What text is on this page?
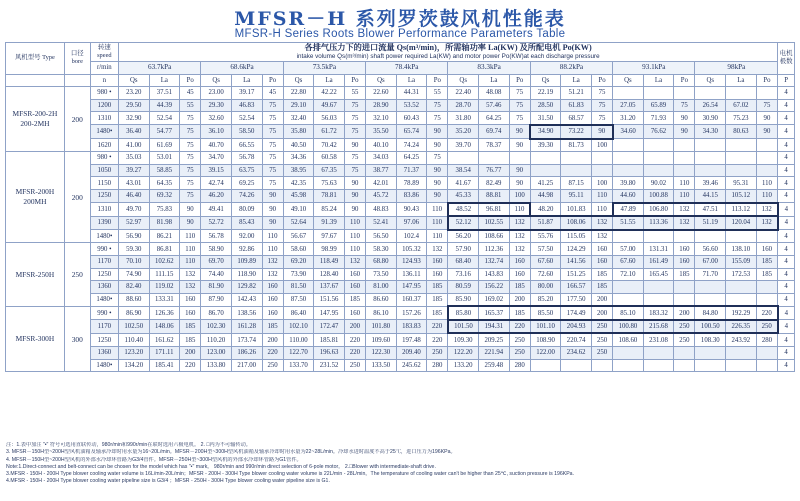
MFSR－H 系列罗茨鼓风机性能表
MFSR-H Series Roots Blower Performance Parameters Table
风机型号 Type	口径 bore	转速 speed	各排气压力下的进口流量 Qs(m³/min)，所需轴功率 La(KW) 及所配电机 Po(KW)
intake volume Qs(m³/min) shaft power required La(KW) and motor power Po(KW)at each discharge pressure																								电机极数
			63.7kPa			68.6kPa			73.5kPa			78.4kPa			83.3kPa			88.2kPa			93.1kPa			98kPa			
		r/min																									
		n	Qs	La	Po	Qs	La	Po	Qs	La	Po	Qs	La	Po	Qs	La	Po	Qs	La	Po	Qs	La	Po	Qs	La	Po	P
MFSR-200-2H 200-2MH	200	980 •	23.20	37.51	45	23.00	39.17	45	22.80	42.22	55	22.60	44.31	55	22.40	48.08	75	22.19	51.21	75							4
		1200	29.50	44.39	55	29.30	46.83	75	29.10	49.67	75	28.90	53.52	75	28.70	57.46	75	28.50	61.83	75	27.05	65.89	75	26.54	67.02	75	4
		1310	32.90	52.54	75	32.60	52.54	75	32.40	56.03	75	32.10	60.43	75	31.80	64.25	75	31.50	68.57	75	31.20	71.93	90	30.90	75.23	90	4
		1480•	36.40	54.77	75	36.10	58.50	75	35.80	61.72	75	35.50	65.74	90	35.20	69.74	90	34.90	73.22	90	34.60	76.62	90	34.30	80.63	90	4
		1620	41.00	61.69	75	40.70	66.55	75	40.50	70.42	90	40.10	74.24	90	39.70	78.37	90	39.30	81.73	100							4
MFSR-200H 200MH	200	980 •	35.03	53.01	75	34.70	56.78	75	34.36	60.58	75	34.03	64.25	75													4
		1050	39.27	58.85	75	39.15	63.75	75	38.95	67.35	75	38.77	71.37	90	38.54	76.77	90										4
		1150	43.01	64.35	75	42.74	69.25	75	42.35	75.63	90	42.01	78.89	90	41.67	82.49	90	41.25	87.15	100	39.80	90.02	110	39.46	95.31	110	4
		1250	46.40	69.32	75	46.20	74.26	90	45.98	78.81	90	45.72	83.86	90	45.33	88.81	100	44.98	95.11	110	44.60	100.88	110	44.15	105.12	110	4
		1310	49.70	75.83	90	49.41	80.09	90	49.10	85.24	90	48.83	90.43	110	48.52	96.81	110	48.20	101.83	110	47.89	106.80	132	47.51	113.12	132	4
		1390	52.97	81.98	90	52.72	85.43	90	52.64	91.39	110	52.41	97.06	110	52.12	102.55	132	51.87	108.06	132	51.55	113.36	132	51.19	120.04	132	4
		1480•	56.90	86.21	110	56.78	92.00	110	56.67	97.67	110	56.50	102.4	110	56.20	108.66	132	55.76	115.05	132							4
MFSR-250H	250	990 •	59.30	86.81	110	58.90	92.86	110	58.60	98.99	110	58.30	105.32	132	57.90	112.36	132	57.50	124.29	160	57.00	131.31	160	56.60	138.10	160	4
		1170	70.10	102.62	110	69.70	109.89	132	69.20	118.49	132	68.80	124.93	160	68.40	132.74	160	67.60	141.56	160	67.60	161.49	160	67.00	155.09	185	4
		1250	74.90	111.15	132	74.40	118.90	132	73.90	128.40	160	73.50	136.11	160	73.16	143.83	160	72.60	151.25	185	72.10	165.45	185	71.70	172.53	185	4
		1360	82.40	119.02	132	81.90	129.82	160	81.50	137.67	160	81.00	147.95	185	80.59	156.22	185	80.00	166.57	185							4
		1480•	88.60	133.31	160	87.90	142.43	160	87.50	151.56	185	86.60	160.37	185	85.90	169.02	200	85.20	177.50	200							4
MFSR-300H	300	990 •	86.90	126.36	160	86.70	138.56	160	86.40	147.95	160	86.10	157.26	185	85.80	165.37	185	85.50	174.49	200	85.10	183.32	200	84.80	192.29	220	4
		1170	102.50	148.06	185	102.30	161.28	185	102.10	172.47	200	101.80	183.83	220	101.50	194.31	220	101.10	204.93	250	100.80	215.68	250	100.50	226.35	250	4
		1250	110.40	161.62	185	110.20	173.74	200	110.00	185.81	220	109.60	197.48	220	109.30	209.25	250	108.90	220.74	250	108.60	231.08	250	108.30	243.92	280	4
		1360	123.20	171.11	200	123.00	186.26	220	122.70	196.63	220	122.30	209.40	250	122.20	221.94	250	122.00	234.62	250							4
		1480•	134.20	185.41	220	133.80	217.00	250	133.70	231.52	250	133.50	245.62	280	133.20	259.48	280										4
注：1.表中加注 "•" 符号可选用直联传动，980r/min和990r/min在联时选用六极电机。 2. □内为不可输传动。
3. MFSR－150H型~200H型风机油箱及轴承冷却时用水量为16~20L/min。MFSR－200H型~300H型风机油箱及轴承冷却时用水量为22~28L/min。冷却水进时温度不高于25℃，进口压力为196KPa。
4. MFSR－150H型~200H型风机的外部水冷却环管路为G3/4管件。MFSR－250H型~300H型风机的外部水冷却环管路为G1管件。
Note:1.Direct-connect and belt-connect can be chosen for the model which has "•" mark。 980r/min and 990r/min direct selection of 6-pole motor。 2.□Blower with intermediate-shaft drive.
3.MFSR - 150H - 200H Type blower cooling water volume is 16L/min-20L/min；MFSR - 200H - 300H Type blower cooling water volume is 22L/min - 28L/min。The temperature of cooling water can't be higher than 25℃, suction pressure is 196KPa.
4.MFSR - 150H - 200H Type blower cooling water pipeline size is G3/4 ；MFSR - 250H - 300H Type blower cooling water pipeline size is G1.
